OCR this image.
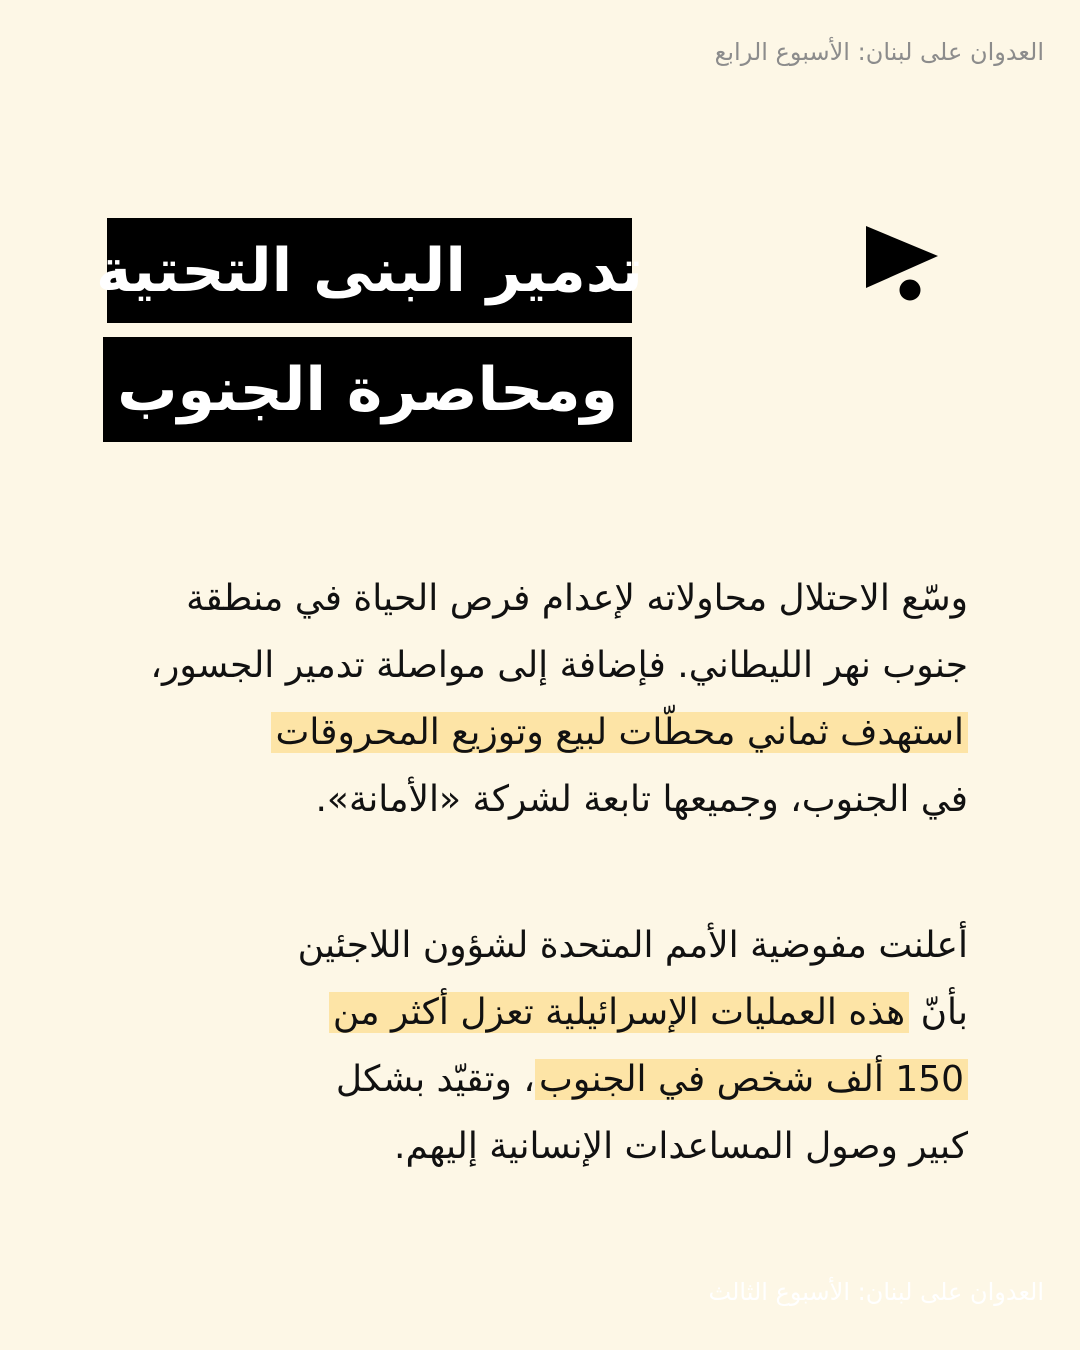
العدوان على لبنان: الأسبوع الرابع
تدمير البنى التحتية
ومحاصرة الجنوب
وسّع الاحتلال محاولاته لإعدام فرص الحياة في منطقة
جنوب نهر الليطاني. فإضافة إلى مواصلة تدمير الجسور،
استهدف ثماني محطّات لبيع وتوزيع المحروقات
في الجنوب، وجميعها تابعة لشركة «الأمانة».
أعلنت مفوضية الأمم المتحدة لشؤون اللاجئين
بأنّ هذه العمليات الإسرائيلية تعزل أكثر من
150 ألف شخص في الجنوب، وتقيّد بشكل
كبير وصول المساعدات الإنسانية إليهم.
العدوان على لبنان: الأسبوع الثالث
